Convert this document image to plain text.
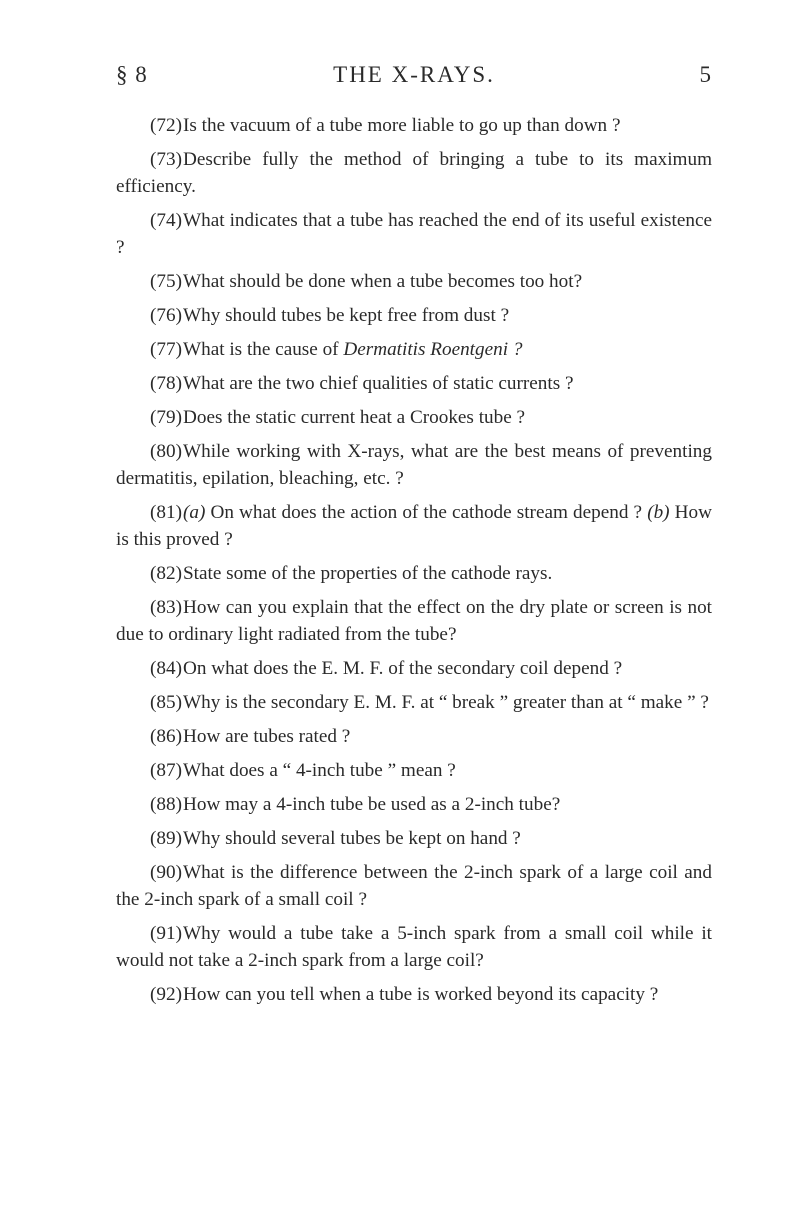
§ 8	THE X-RAYS.	5

(72)Is the vacuum of a tube more liable to go up than down ?

(73)Describe fully the method of bringing a tube to its maximum efficiency.

(74)What indicates that a tube has reached the end of its useful existence ?

(75)What should be done when a tube becomes too hot?

(76)Why should tubes be kept free from dust ?

(77)What is the cause of Dermatitis Roentgeni ?

(78)What are the two chief qualities of static currents ?

(79)Does the static current heat a Crookes tube ?

(80)While working with X-rays, what are the best means of preventing dermatitis, epilation, bleaching, etc. ?

(81)(a) On what does the action of the cathode stream depend ? (b) How is this proved ?

(82)State some of the properties of the cathode rays.

(83)How can you explain that the effect on the dry plate or screen is not due to ordinary light radiated from the tube?

(84)On what does the E. M. F. of the secondary coil depend ?

(85)Why is the secondary E. M. F. at “ break ” greater than at “ make ” ?

(86)How are tubes rated ?

(87)What does a “ 4-inch tube ” mean ?

(88)How may a 4-inch tube be used as a 2-inch tube?

(89)Why should several tubes be kept on hand ?

(90)What is the difference between the 2-inch spark of a large coil and the 2-inch spark of a small coil ?

(91)Why would a tube take a 5-inch spark from a small coil while it would not take a 2-inch spark from a large coil?

(92)How can you tell when a tube is worked beyond its capacity ?
